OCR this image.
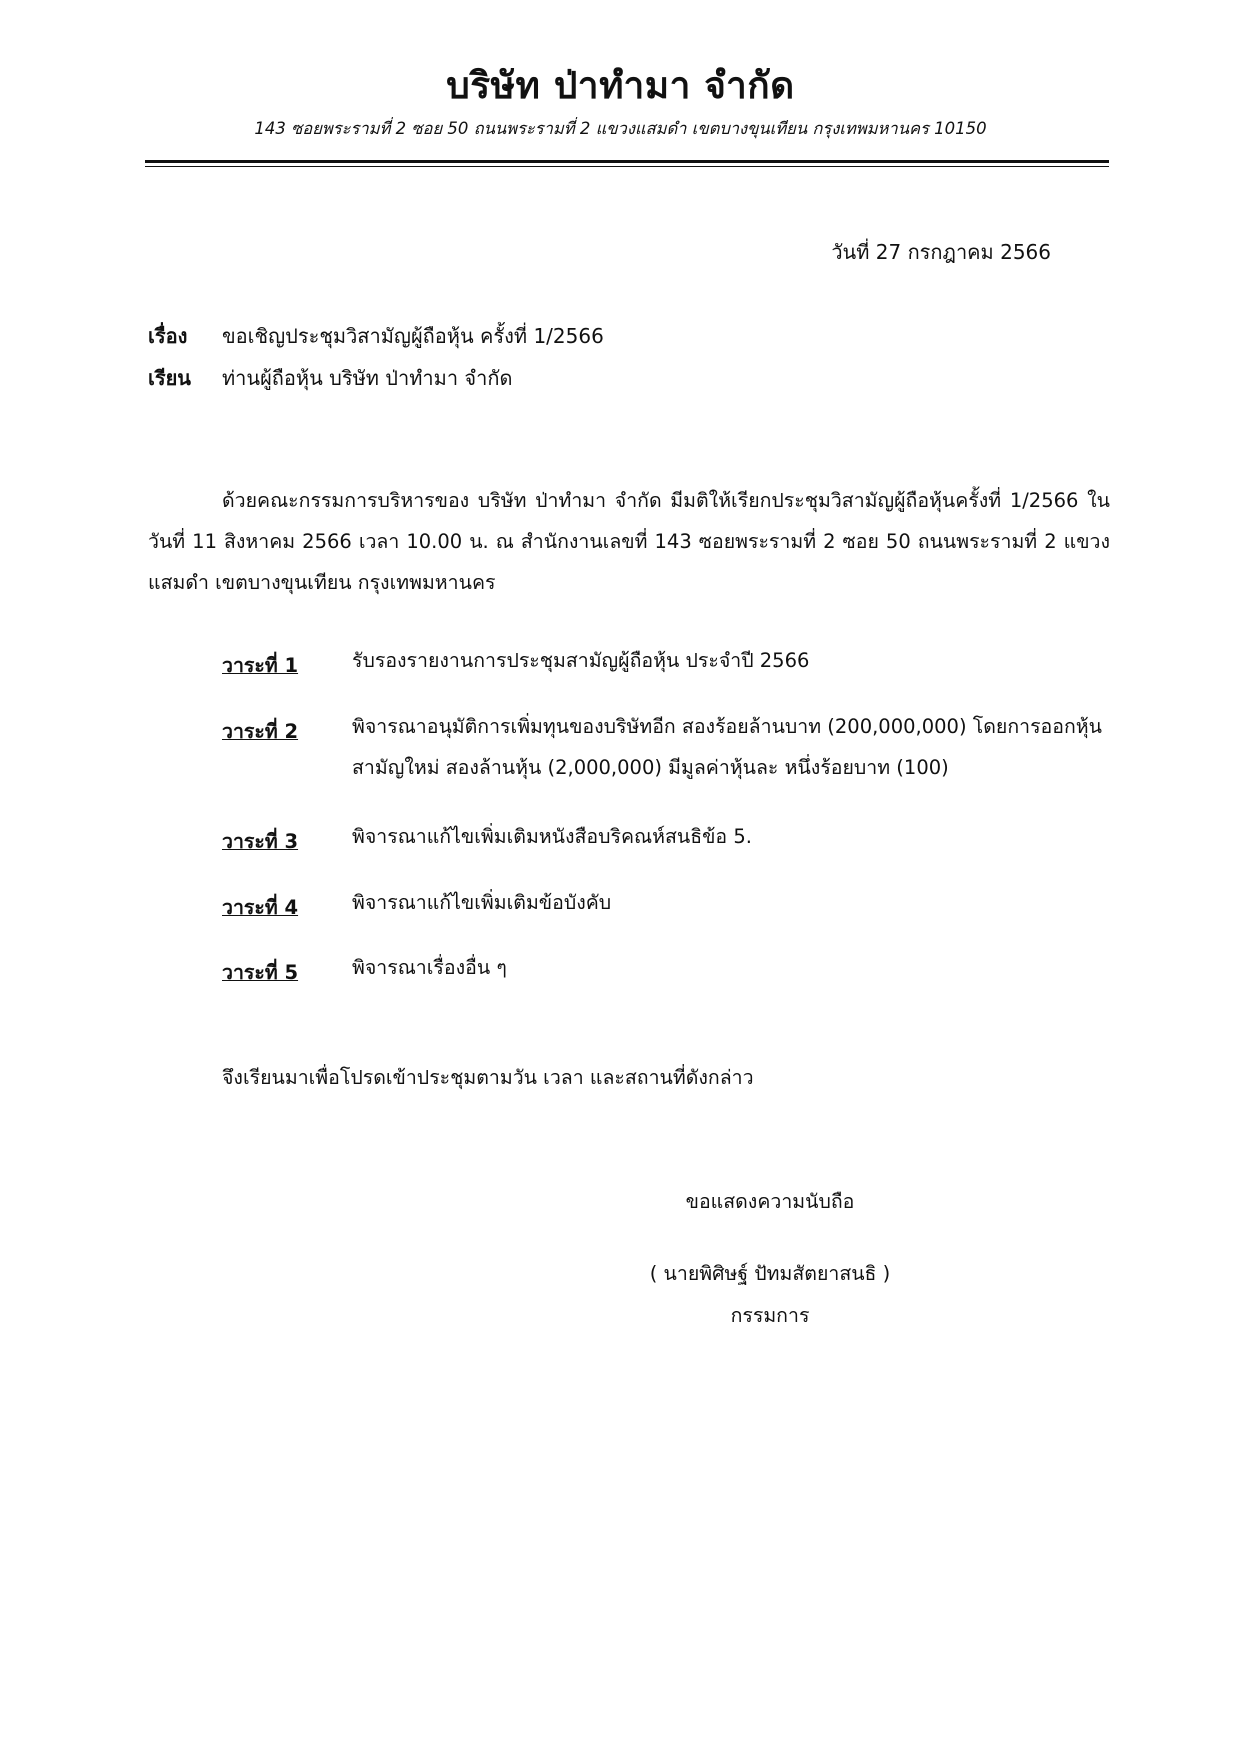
บริษัท ป่าทำมา จำกัด
143 ซอยพระรามที่ 2 ซอย 50 ถนนพระรามที่ 2 แขวงแสมดำ เขตบางขุนเทียน กรุงเทพมหานคร 10150
วันที่ 27 กรกฎาคม 2566
เรื่อง ขอเชิญประชุมวิสามัญผู้ถือหุ้น ครั้งที่ 1/2566
เรียน ท่านผู้ถือหุ้น บริษัท ป่าทำมา จำกัด
ด้วยคณะกรรมการบริหารของ บริษัท ป่าทำมา จำกัด มีมติให้เรียกประชุมวิสามัญผู้ถือหุ้นครั้งที่ 1/2566 ในวันที่ 11 สิงหาคม 2566 เวลา 10.00 น. ณ สำนักงานเลขที่ 143 ซอยพระรามที่ 2 ซอย 50 ถนนพระรามที่ 2 แขวงแสมดำ เขตบางขุนเทียน กรุงเทพมหานคร
วาระที่ 1	รับรองรายงานการประชุมสามัญผู้ถือหุ้น ประจำปี 2566
วาระที่ 2	พิจารณาอนุมัติการเพิ่มทุนของบริษัทอีก สองร้อยล้านบาท (200,000,000) โดยการออกหุ้นสามัญใหม่ สองล้านหุ้น (2,000,000) มีมูลค่าหุ้นละ หนึ่งร้อยบาท (100)
วาระที่ 3	พิจารณาแก้ไขเพิ่มเติมหนังสือบริคณห์สนธิข้อ 5.
วาระที่ 4	พิจารณาแก้ไขเพิ่มเติมข้อบังคับ
วาระที่ 5	พิจารณาเรื่องอื่น ๆ
จึงเรียนมาเพื่อโปรดเข้าประชุมตามวัน เวลา และสถานที่ดังกล่าว
ขอแสดงความนับถือ
( นายพิศิษฐ์ ปัทมสัตยาสนธิ )
กรรมการ
